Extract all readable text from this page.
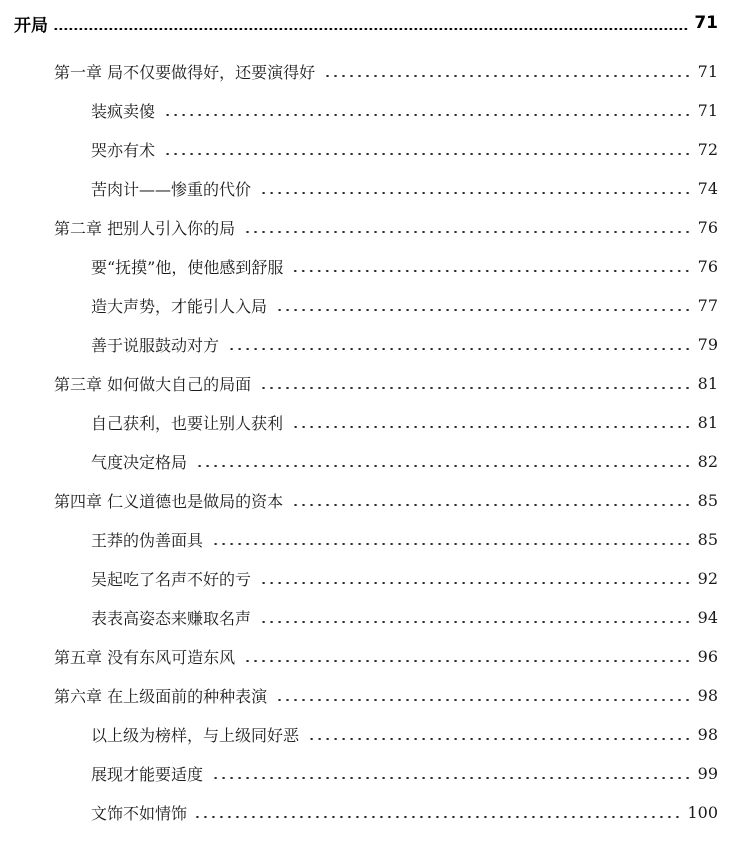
开局	71
第一章 局不仅要做得好，还要演得好	71
装疯卖傻	71
哭亦有术	72
苦肉计——惨重的代价	74
第二章 把别人引入你的局	76
要“抚摸”他，使他感到舒服	76
造大声势，才能引人入局	77
善于说服鼓动对方	79
第三章 如何做大自己的局面	81
自己获利，也要让别人获利	81
气度决定格局	82
第四章 仁义道德也是做局的资本	85
王莽的伪善面具	85
吴起吃了名声不好的亏	92
表表高姿态来赚取名声	94
第五章 没有东风可造东风	96
第六章 在上级面前的种种表演	98
以上级为榜样，与上级同好恶	98
展现才能要适度	99
文饰不如情饰	100
